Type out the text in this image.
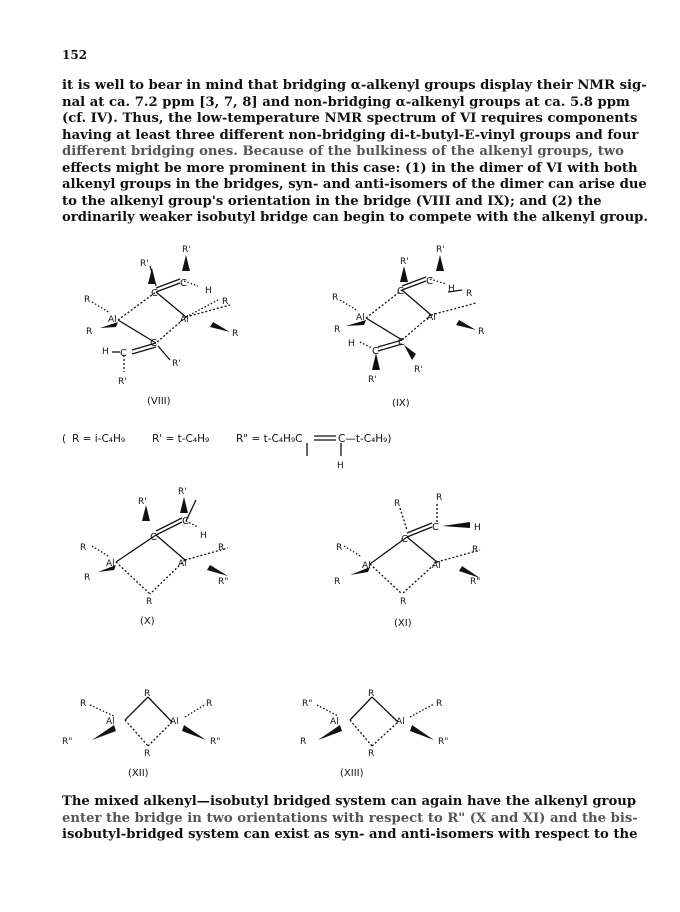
152

it is well to bear in mind that bridging α-alkenyl groups display their NMR sig-
nal at ca. 7.2 ppm [3, 7, 8] and non-bridging α-alkenyl groups at ca. 5.8 ppm
(cf. IV). Thus, the low-temperature NMR spectrum of VI requires components
having at least three different non-bridging di-t-butyl-E-vinyl groups and four
different bridging ones. Because of the bulkiness of the alkenyl groups, two
effects might be more prominent in this case: (1) in the dimer of VI with both
alkenyl groups in the bridges, syn- and anti-isomers of the dimer can arise due
to the alkenyl group's orientation in the bridge (VIII and IX); and (2) the
ordinarily weaker isobutyl bridge can begin to compete with the alkenyl group.

R'
R'
C
C
H
R
Al	Al
R
R	R
H C
C
R'
R'
(VIII)
R'
R'
C
C
H R
R
Al	Al
R	R
H
C
C
R'
R'
(IX)
( R = i-C₄H₉	R' = t-C₄H₉	R" = t-C₄H₉C	C—t-C₄H₉)
H
R'
R'
C
C
H
R
Al	Al
R
R	R"
R
(X)
R
R
C
C	H
R
Al	Al
R
R	R"
R
(XI)
R
R
Al	Al
R
R"	R"
R
(XII)
R
R"
Al	Al
R
R	R"
R
(XIII)

The mixed alkenyl—isobutyl bridged system can again have the alkenyl group
enter the bridge in two orientations with respect to R" (X and XI) and the bis-
isobutyl-bridged system can exist as syn- and anti-isomers with respect to the
